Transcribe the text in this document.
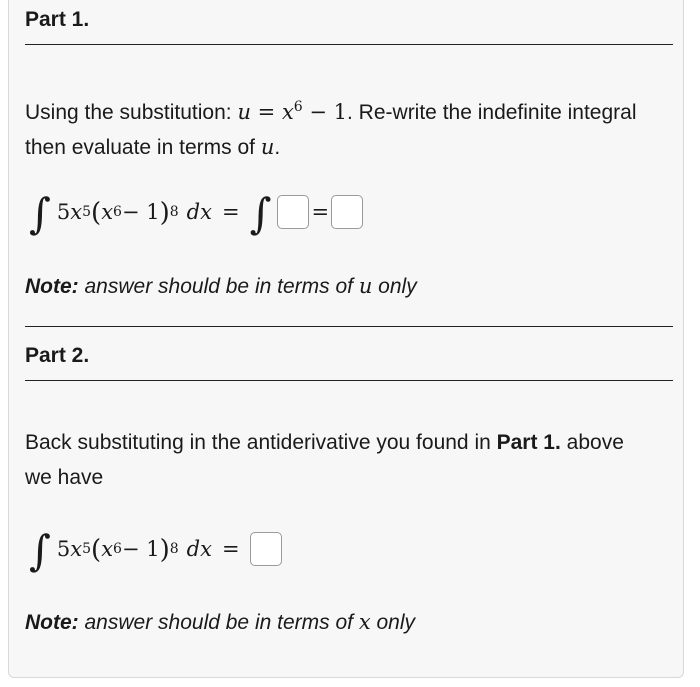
Part 1.
Using the substitution: $u = x^6 - 1$. Re-write the indefinite integral then evaluate in terms of u.
∫ 5 x 5 ( x 6 − 1 ) 8 dx = ∫ =
Note: answer should be in terms of u only
Part 2.
Back substituting in the antiderivative you found in Part 1. above we have
∫ 5 x 5 ( x 6 − 1 ) 8 dx =
Note: answer should be in terms of x only
